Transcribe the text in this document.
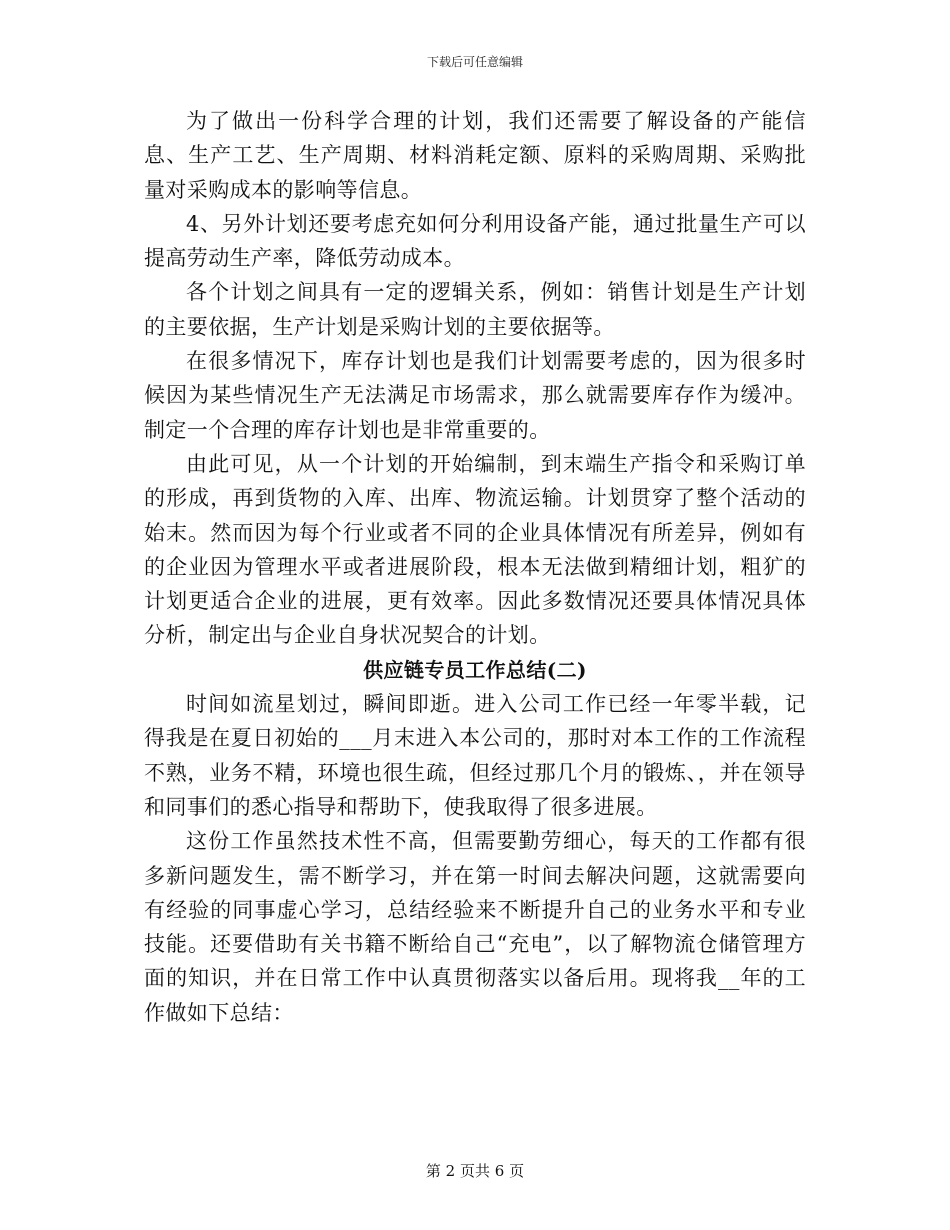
下载后可任意编辑

为了做出一份科学合理的计划，我们还需要了解设备的产能信息、生产工艺、生产周期、材料消耗定额、原料的采购周期、采购批量对采购成本的影响等信息。

4、另外计划还要考虑充如何分利用设备产能，通过批量生产可以提高劳动生产率，降低劳动成本。

各个计划之间具有一定的逻辑关系，例如：销售计划是生产计划的主要依据，生产计划是采购计划的主要依据等。

在很多情况下，库存计划也是我们计划需要考虑的，因为很多时候因为某些情况生产无法满足市场需求，那么就需要库存作为缓冲。制定一个合理的库存计划也是非常重要的。

由此可见，从一个计划的开始编制，到末端生产指令和采购订单的形成，再到货物的入库、出库、物流运输。计划贯穿了整个活动的始末。然而因为每个行业或者不同的企业具体情况有所差异，例如有的企业因为管理水平或者进展阶段，根本无法做到精细计划，粗犷的计划更适合企业的进展，更有效率。因此多数情况还要具体情况具体分析，制定出与企业自身状况契合的计划。

供应链专员工作总结(二)

时间如流星划过，瞬间即逝。进入公司工作已经一年零半载，记得我是在夏日初始的___月末进入本公司的，那时对本工作的工作流程不熟，业务不精，环境也很生疏，但经过那几个月的锻炼、，并在领导和同事们的悉心指导和帮助下，使我取得了很多进展。

这份工作虽然技术性不高，但需要勤劳细心，每天的工作都有很多新问题发生，需不断学习，并在第一时间去解决问题，这就需要向有经验的同事虚心学习，总结经验来不断提升自己的业务水平和专业技能。还要借助有关书籍不断给自己“充电”，以了解物流仓储管理方面的知识，并在日常工作中认真贯彻落实以备后用。现将我__年的工作做如下总结：

第 2 页共 6 页
